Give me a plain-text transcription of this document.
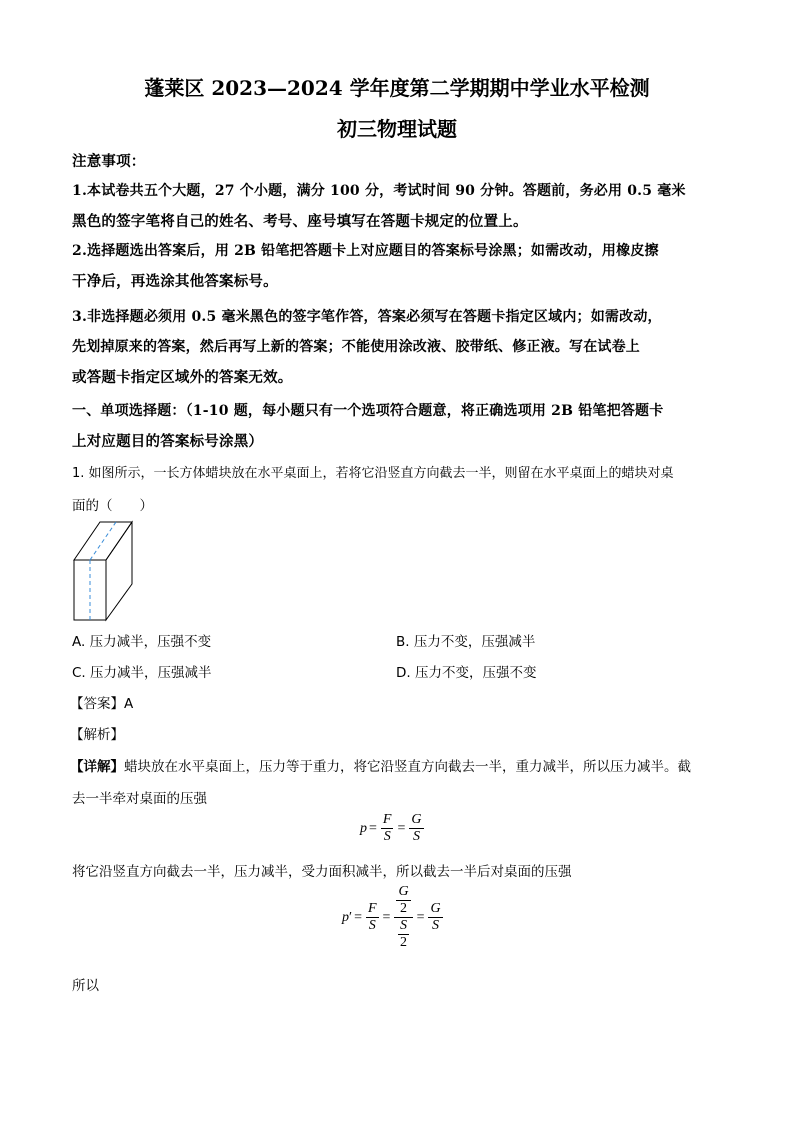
蓬莱区 2023—2024 学年度第二学期期中学业水平检测
初三物理试题
注意事项：
1.本试卷共五个大题，27 个小题，满分 100 分，考试时间 90 分钟。答题前，务必用 0.5 毫米
黑色的签字笔将自己的姓名、考号、座号填写在答题卡规定的位置上。
2.选择题选出答案后，用 2B 铅笔把答题卡上对应题目的答案标号涂黑；如需改动，用橡皮擦
干净后，再选涂其他答案标号。
3.非选择题必须用 0.5 毫米黑色的签字笔作答，答案必须写在答题卡指定区域内；如需改动，
先划掉原来的答案，然后再写上新的答案；不能使用涂改液、胶带纸、修正液。写在试卷上
或答题卡指定区域外的答案无效。
一、单项选择题：（1-10 题，每小题只有一个选项符合题意，将正确选项用 2B 铅笔把答题卡
上对应题目的答案标号涂黑）
1. 如图所示，一长方体蜡块放在水平桌面上，若将它沿竖直方向截去一半，则留在水平桌面上的蜡块对桌
面的（　　）
A. 压力减半，压强不变	B. 压力不变，压强减半
C. 压力减半，压强减半	D. 压力不变，压强不变
【答案】A
【解析】
【详解】蜡块放在水平桌面上，压力等于重力，将它沿竖直方向截去一半，重力减半，所以压力减半。截
去一半牵对桌面的压强
$p = \frac{F}{S} = \frac{G}{S}$
将它沿竖直方向截去一半，压力减半，受力面积减半，所以截去一半后对桌面的压强
p ′ = $\frac{F}{S} = G$
2
S
$2 = \frac{G}{S}$
所以
